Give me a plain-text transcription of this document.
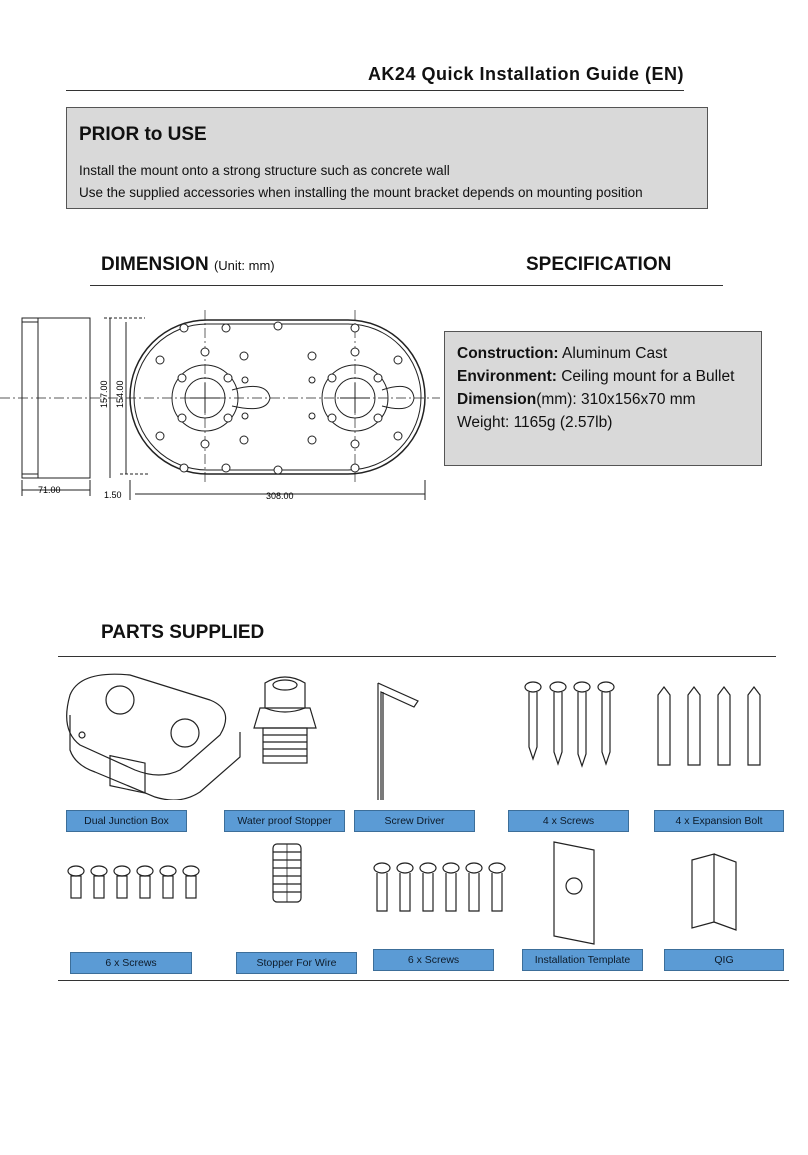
AK24 Quick Installation Guide (EN)
PRIOR to USE
Install the mount onto a strong structure such as concrete wall
Use the supplied accessories when installing the mount bracket depends on mounting position
DIMENSION (Unit: mm)	SPECIFICATION
71.00	1.50	308.00
157.00 154.00
Construction: Aluminum Cast
Environment: Ceiling mount for a Bullet
Dimension(mm): 310x156x70 mm
Weight: 1165g (2.57lb)
PARTS SUPPLIED
Dual Junction Box	Water proof Stopper	Screw Driver	4 x Screws	4 x Expansion Bolt
6 x Screws	Stopper For Wire	6 x Screws	Installation Template	QIG
